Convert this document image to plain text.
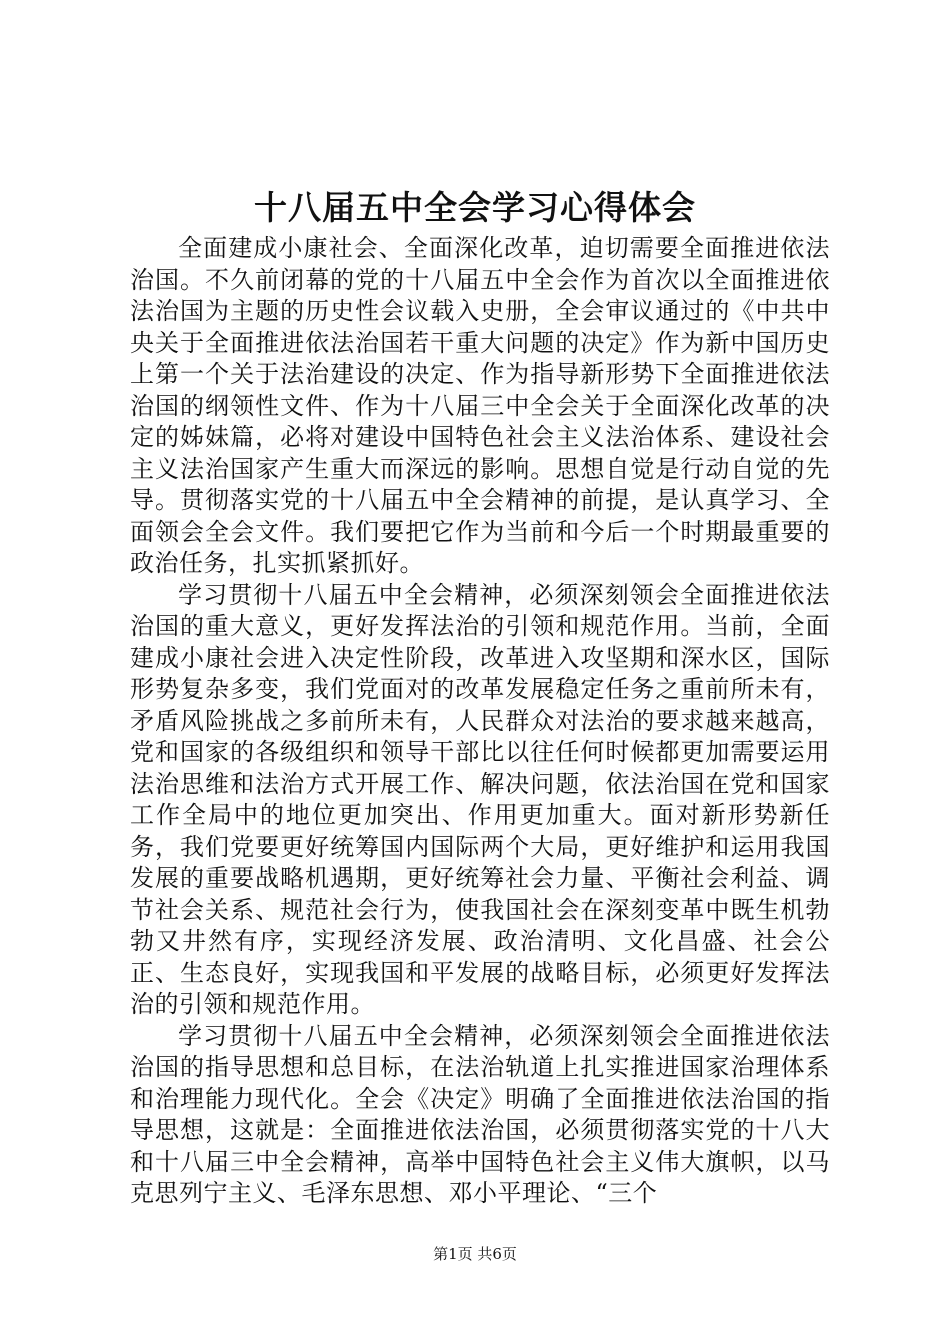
十八届五中全会学习心得体会

全面建成小康社会、全面深化改革，迫切需要全面推进依法治国。不久前闭幕的党的十八届五中全会作为首次以全面推进依法治国为主题的历史性会议载入史册，全会审议通过的《中共中央关于全面推进依法治国若干重大问题的决定》作为新中国历史上第一个关于法治建设的决定、作为指导新形势下全面推进依法治国的纲领性文件、作为十八届三中全会关于全面深化改革的决定的姊妹篇，必将对建设中国特色社会主义法治体系、建设社会主义法治国家产生重大而深远的影响。思想自觉是行动自觉的先导。贯彻落实党的十八届五中全会精神的前提，是认真学习、全面领会全会文件。我们要把它作为当前和今后一个时期最重要的政治任务，扎实抓紧抓好。

学习贯彻十八届五中全会精神，必须深刻领会全面推进依法治国的重大意义，更好发挥法治的引领和规范作用。当前，全面建成小康社会进入决定性阶段，改革进入攻坚期和深水区，国际形势复杂多变，我们党面对的改革发展稳定任务之重前所未有，矛盾风险挑战之多前所未有，人民群众对法治的要求越来越高，党和国家的各级组织和领导干部比以往任何时候都更加需要运用法治思维和法治方式开展工作、解决问题，依法治国在党和国家工作全局中的地位更加突出、作用更加重大。面对新形势新任务，我们党要更好统筹国内国际两个大局，更好维护和运用我国发展的重要战略机遇期，更好统筹社会力量、平衡社会利益、调节社会关系、规范社会行为，使我国社会在深刻变革中既生机勃勃又井然有序，实现经济发展、政治清明、文化昌盛、社会公正、生态良好，实现我国和平发展的战略目标，必须更好发挥法治的引领和规范作用。

学习贯彻十八届五中全会精神，必须深刻领会全面推进依法治国的指导思想和总目标，在法治轨道上扎实推进国家治理体系和治理能力现代化。全会《决定》明确了全面推进依法治国的指导思想，这就是：全面推进依法治国，必须贯彻落实党的十八大和十八届三中全会精神，高举中国特色社会主义伟大旗帜，以马克思列宁主义、毛泽东思想、邓小平理论、“三个

第1页 共6页
